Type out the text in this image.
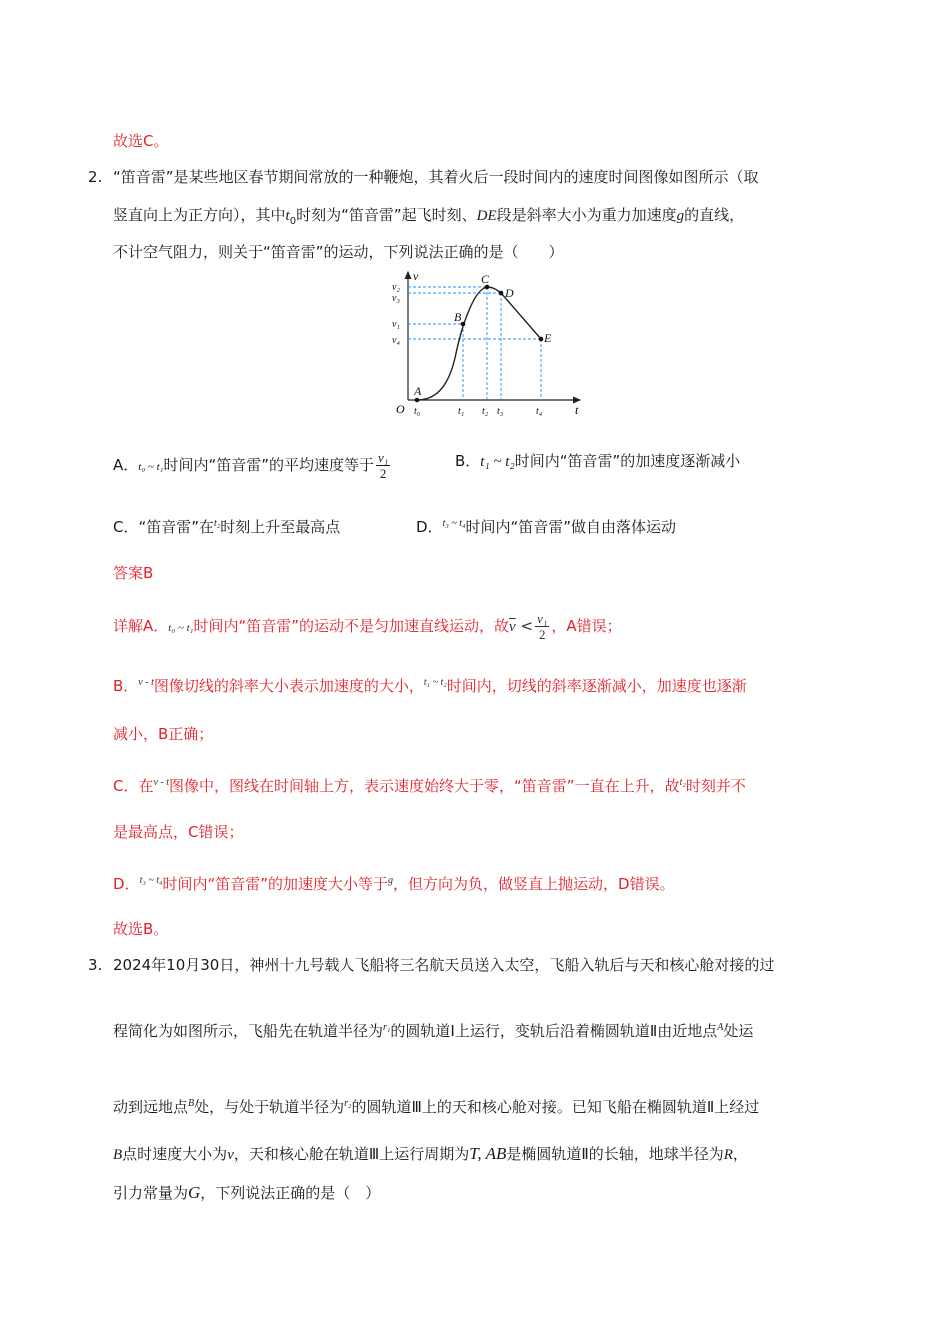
故选C。
2. “笛音雷”是某些地区春节期间常放的一种鞭炮，其着火后一段时间内的速度时间图像如图所示（取
竖直向上为正方向），其中$t_0$时刻为“笛音雷”起飞时刻、DE段是斜率大小为重力加速度g的直线，
不计空气阻力，则关于“笛音雷”的运动，下列说法正确的是（　　）
v
t
O
A
B
C
D
E
v₂
v₃
v₁
v₄
t₀	t₁ t₂ t₃	t₄
A．t₀ ~ t₁时间内“笛音雷”的平均速度等于 $\frac{\text{v₁}}{2}$	B．t₁ ~ t₂时间内“笛音雷”的加速度逐渐减小
C．“笛音雷”在$^{t_2}$时刻上升至最高点	D．$^{t_3 \sim t_4}$时间内“笛音雷”做自由落体运动
答案B
详解A．t₀ ~ t₁时间内“笛音雷”的运动不是匀加速直线运动，故$\overline{v} < \frac{\text{v₁}}{2}$ ，A错误；
B．$^{v - t}$图像切线的斜率大小表示加速度的大小，$^{t_1 \sim t_2}$时间内，切线的斜率逐渐减小，加速度也逐渐
减小，B正确；
C．在$^{v - t}$图像中，图线在时间轴上方，表示速度始终大于零，“笛音雷”一直在上升，故$^{t_2}$时刻并不
是最高点，C错误；
D．$^{t_3 \sim t_4}$时间内“笛音雷”的加速度大小等于$^g$，但方向为负，做竖直上抛运动，D错误。
故选B。
3. 2024年10月30日，神州十九号载人飞船将三名航天员送入太空，飞船入轨后与天和核心舱对接的过
程简化为如图所示，飞船先在轨道半径为$^{r_1}$的圆轨道Ⅰ上运行，变轨后沿着椭圆轨道Ⅱ由近地点$^A$处运
动到远地点$^B$处，与处于轨道半径为$^{r_2}$的圆轨道Ⅲ上的天和核心舱对接。已知飞船在椭圆轨道Ⅱ上经过
B点时速度大小为v，天和核心舱在轨道Ⅲ上运行周期为T, AB是椭圆轨道Ⅱ的长轴，地球半径为R，
引力常量为G，下列说法正确的是（　）
